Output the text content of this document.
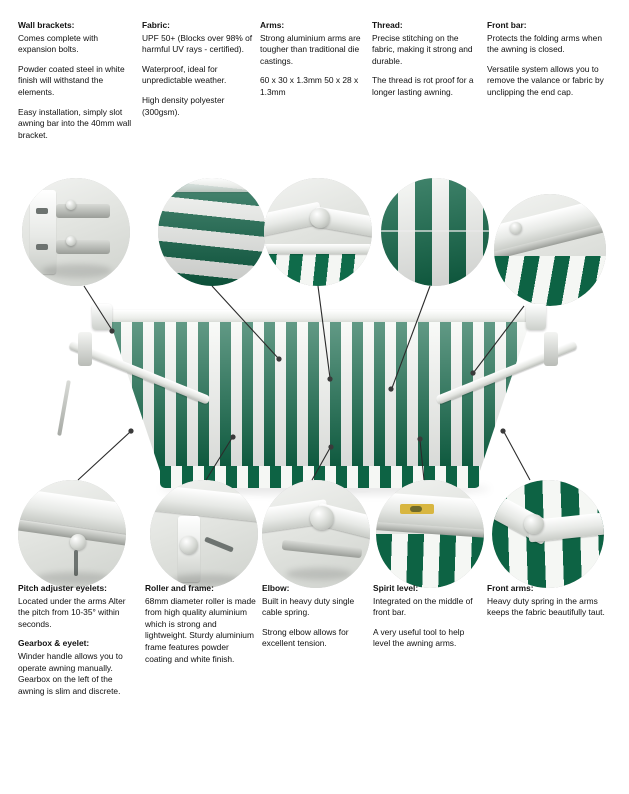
Wall brackets:

Comes complete with expansion bolts.

Powder coated steel in white finish will withstand the elements.

Easy installation, simply slot awning bar into the 40mm wall bracket.

Fabric:

UPF 50+ (Blocks over 98% of harmful UV rays - certified).

Waterproof, ideal for unpredictable weather.

High density polyester (300gsm).

Arms:

Strong aluminium arms are tougher than traditional die castings.

60 x 30 x 1.3mm 50 x 28 x 1.3mm

Thread:

Precise stitching on the fabric, making it strong and durable.

The thread is rot proof for a longer lasting awning.

Front bar:

Protects the folding arms when the awning is closed.

Versatile system allows you to remove the valance or fabric by unclipping the end cap.

Pitch adjuster eyelets:

Located under the arms Alter the pitch from 10-35° within seconds.

Gearbox & eyelet:

Winder handle allows you to operate awning manually. Gearbox on the left of the awning is slim and discrete.

Roller and frame:

68mm diameter roller is made from high quality aluminium which is strong and lightweight. Sturdy aluminium frame features powder coating and white finish.

Elbow:

Built in heavy duty single cable spring.

Strong elbow allows for excellent tension.

Spirit level:

Integrated on the middle of front bar.

A very useful tool to help level the awning arms.

Front arms:

Heavy duty spring in the arms keeps the fabric beautifully taut.
